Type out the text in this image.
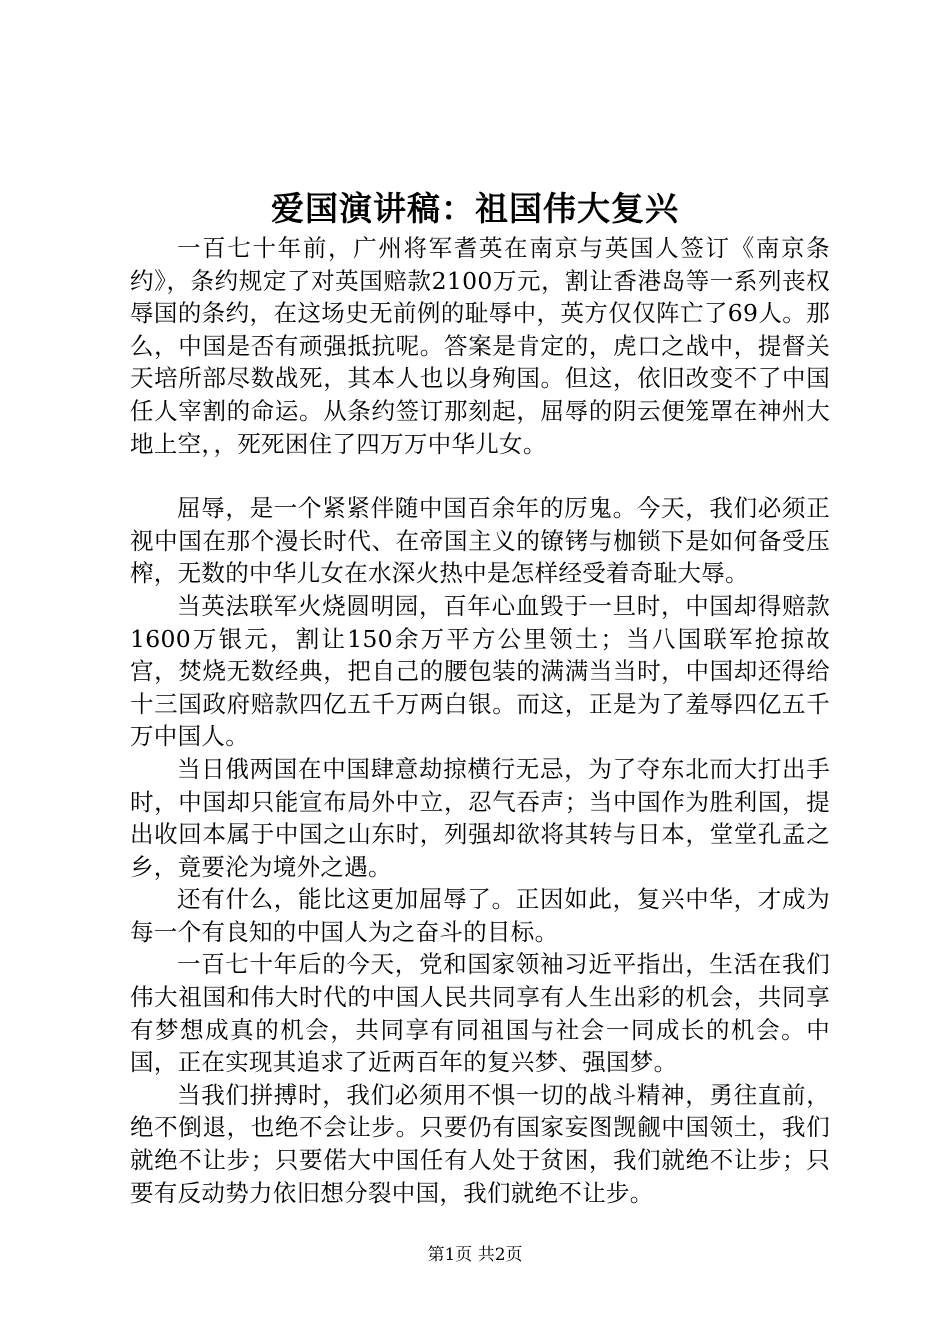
爱国演讲稿：祖国伟大复兴

一百七十年前，广州将军耆英在南京与英国人签订《南京条约》，条约规定了对英国赔款2100万元，割让香港岛等一系列丧权辱国的条约，在这场史无前例的耻辱中，英方仅仅阵亡了69人。那么，中国是否有顽强抵抗呢。答案是肯定的，虎口之战中，提督关天培所部尽数战死，其本人也以身殉国。但这，依旧改变不了中国任人宰割的命运。从条约签订那刻起，屈辱的阴云便笼罩在神州大地上空，，死死困住了四万万中华儿女。

屈辱，是一个紧紧伴随中国百余年的厉鬼。今天，我们必须正视中国在那个漫长时代、在帝国主义的镣铐与枷锁下是如何备受压榨，无数的中华儿女在水深火热中是怎样经受着奇耻大辱。

当英法联军火烧圆明园，百年心血毁于一旦时，中国却得赔款1600万银元，割让150余万平方公里领土；当八国联军抢掠故宫，焚烧无数经典，把自己的腰包装的满满当当时，中国却还得给十三国政府赔款四亿五千万两白银。而这，正是为了羞辱四亿五千万中国人。

当日俄两国在中国肆意劫掠横行无忌，为了夺东北而大打出手时，中国却只能宣布局外中立，忍气吞声；当中国作为胜利国，提出收回本属于中国之山东时，列强却欲将其转与日本，堂堂孔孟之乡，竟要沦为境外之遇。

还有什么，能比这更加屈辱了。正因如此，复兴中华，才成为每一个有良知的中国人为之奋斗的目标。

一百七十年后的今天，党和国家领袖习近平指出，生活在我们伟大祖国和伟大时代的中国人民共同享有人生出彩的机会，共同享有梦想成真的机会，共同享有同祖国与社会一同成长的机会。中国，正在实现其追求了近两百年的复兴梦、强国梦。

当我们拼搏时，我们必须用不惧一切的战斗精神，勇往直前，绝不倒退，也绝不会让步。只要仍有国家妄图觊觎中国领土，我们就绝不让步；只要偌大中国任有人处于贫困，我们就绝不让步；只要有反动势力依旧想分裂中国，我们就绝不让步。

第1页 共2页
